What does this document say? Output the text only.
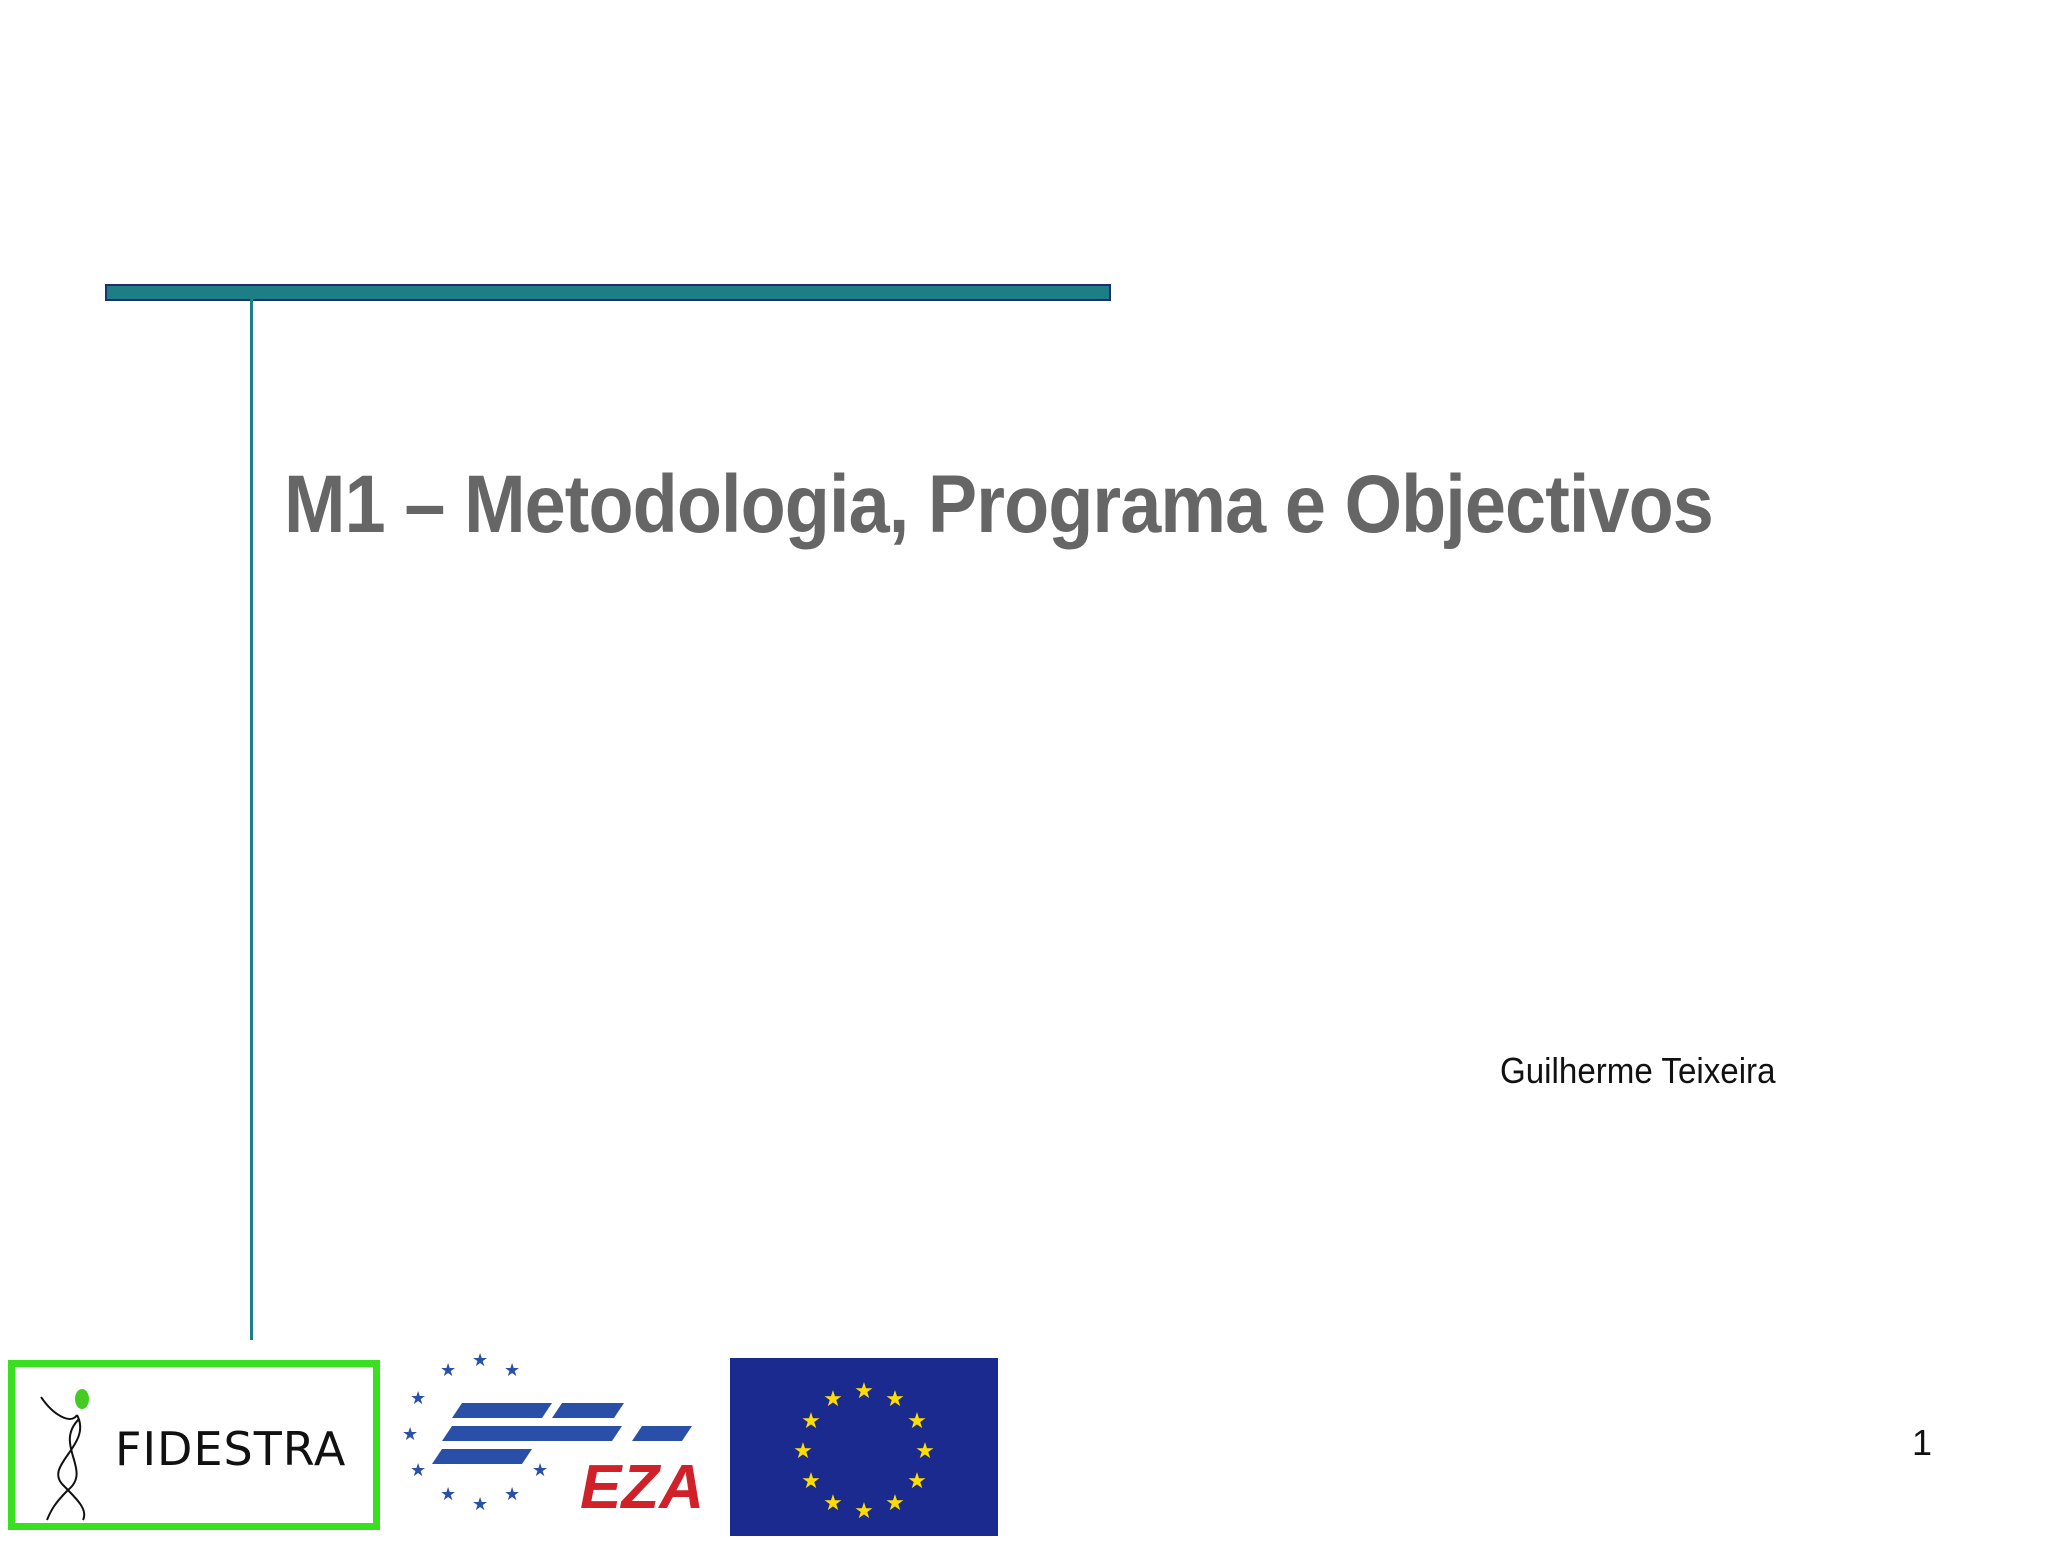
M1 – Metodologia, Programa e Objectivos
Guilherme Teixeira
1
FIDESTRA
★ ★ ★
★
★
★
★ ★ ★
★ EZA
★ ★
★
★
★
★
★
★
★
★
★
★
